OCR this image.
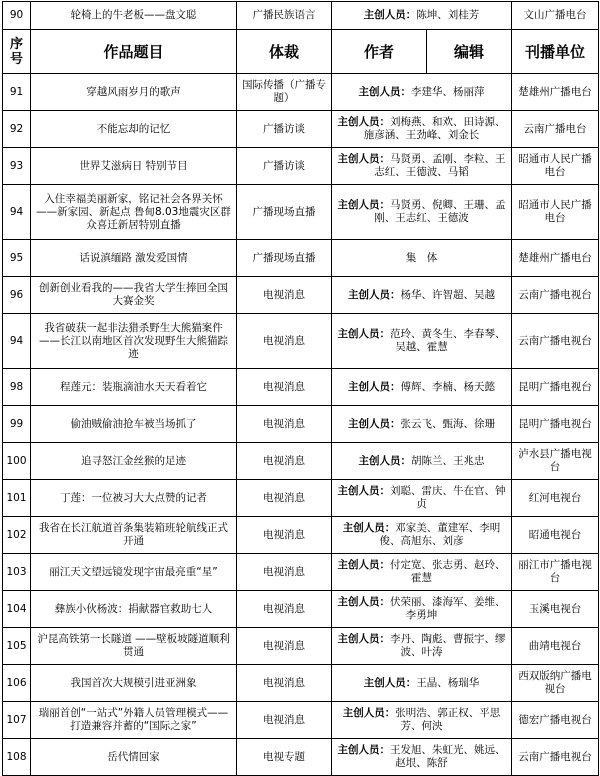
90	轮椅上的牛老板——盘文聪	广播民族语言	主创人员：陈坤、刘桂芳		文山广播电台
序号	作品题目	体裁	作者	编辑	刊播单位
91	穿越风雨岁月的歌声	国际传播（广播专题）	主创人员：李建华、杨丽萍		楚雄州广播电台
92	不能忘却的记忆	广播访谈	主创人员：刘梅燕、和欢、田诗源、施彦涵、王劲峰、刘金长		云南广播电台
93	世界艾滋病日 特别节目	广播访谈	主创人员：马贤勇、孟刚、李粒、王志红、王德波、马韬		昭通市人民广播电台
94	入住幸福美丽新家，铭记社会各界关怀——新家园、新起点 鲁甸8.03地震灾区群众喜迁新居特别直播	广播现场直播	主创人员：马贤勇、倪卿、王珊、孟刚、王志红、王德波		昭通市人民广播电台
95	话说滇缅路 激发爱国情	广播现场直播	集　体		楚雄州广播电台
96	创新创业看我的——我省大学生捧回全国大赛金奖	电视消息	主创人员：杨华、许智超、吴越		云南广播电视台
94	我省破获一起非法猎杀野生大熊猫案件——长江以南地区首次发现野生大熊猫踪迹	电视消息	主创人员：范玲、黄冬生、李春琴、吴越、霍慧		云南广播电视台
98	程莲元：装瓶滴油水天天看着它	电视消息	主创人员：傅辉、李楠、杨天懿		昆明广播电视台
99	偷油贼偷油抢车被当场抓了	电视消息	主创人员：张云飞、甄海、徐珊		昆明广播电视台
100	追寻怒江金丝猴的足迹	电视消息	主创人员：胡陈兰、王兆忠		泸水县广播电视台
101	丁莲：一位被习大大点赞的记者	电视消息	主创人员：刘聪、雷庆、牛在官、钟贞		红河电视台
102	我省在长江航道首条集装箱班轮航线正式开通	电视消息	主创人员：邓家美、董建军、李明俊、高旭东、刘彦		昭通电视台
103	丽江天文望远镜发现宇宙最亮重“星”	电视消息	主创人员：付定宽、张志勇、赵玲、霍慧		丽江市广播电视台
104	彝族小伙杨波：捐献器官救助七人	电视消息	主创人员：伏荣丽、漆海军、姜维、李勇坤		玉溪电视台
105	沪昆高铁第一长隧道 ——壁板坡隧道顺利贯通	电视消息	主创人员：李丹、陶彪、曹振宇、缪波、叶涛		曲靖电视台
106	我国首次大规模引进亚洲象	电视消息	主创人员：王晶、杨瑞华		西双版纳广播电视台
107	瑞丽首创“一站式”外籍人员管理模式——打造兼容并蓄的“国际之家”	电视消息	主创人员：张明浩、郭正权、平思芳、何泱		德宏广播电视台
108	岳代情回家	电视专题	主创人员：王发旭、朱虹光、姚远、赵垠、陈舒		云南广播电视台
